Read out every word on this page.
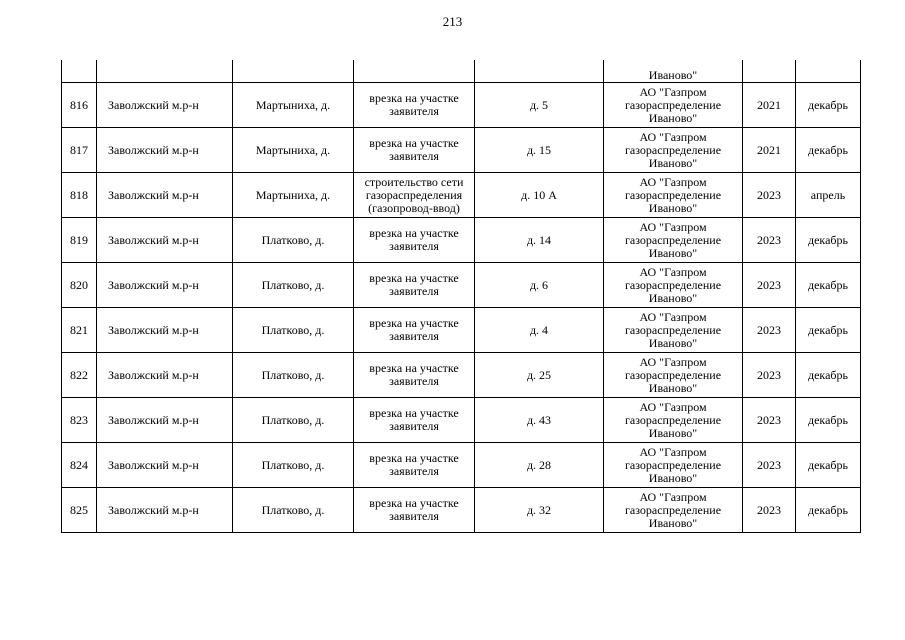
213
					Иваново"		
816	Заволжский м.р-н	Мартыниха, д.	врезка на участке заявителя	д. 5	АО "Газпром газораспределение Иваново"	2021	декабрь
817	Заволжский м.р-н	Мартыниха, д.	врезка на участке заявителя	д. 15	АО "Газпром газораспределение Иваново"	2021	декабрь
818	Заволжский м.р-н	Мартыниха, д.	строительство сети газораспределения (газопровод-ввод)	д. 10 А	АО "Газпром газораспределение Иваново"	2023	апрель
819	Заволжский м.р-н	Платково, д.	врезка на участке заявителя	д. 14	АО "Газпром газораспределение Иваново"	2023	декабрь
820	Заволжский м.р-н	Платково, д.	врезка на участке заявителя	д. 6	АО "Газпром газораспределение Иваново"	2023	декабрь
821	Заволжский м.р-н	Платково, д.	врезка на участке заявителя	д. 4	АО "Газпром газораспределение Иваново"	2023	декабрь
822	Заволжский м.р-н	Платково, д.	врезка на участке заявителя	д. 25	АО "Газпром газораспределение Иваново"	2023	декабрь
823	Заволжский м.р-н	Платково, д.	врезка на участке заявителя	д. 43	АО "Газпром газораспределение Иваново"	2023	декабрь
824	Заволжский м.р-н	Платково, д.	врезка на участке заявителя	д. 28	АО "Газпром газораспределение Иваново"	2023	декабрь
825	Заволжский м.р-н	Платково, д.	врезка на участке заявителя	д. 32	АО "Газпром газораспределение Иваново"	2023	декабрь
